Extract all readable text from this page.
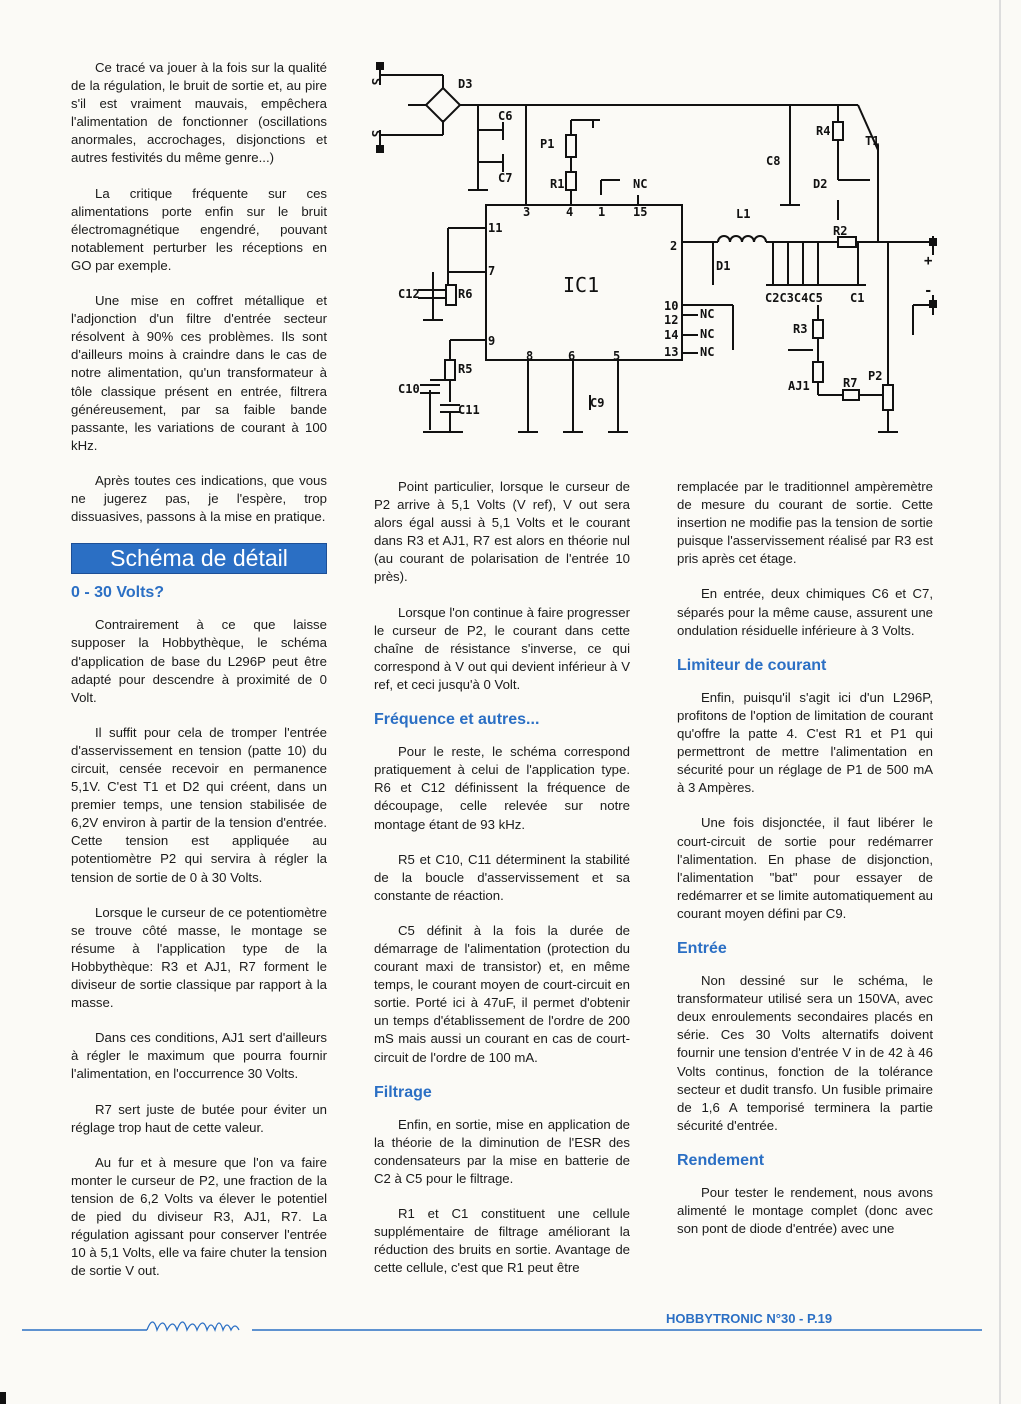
Ce tracé va jouer à la fois sur la qualité de la régulation, le bruit de sortie et, au pire s'il est vraiment mauvais, empêchera l'alimentation de fonctionner (oscillations anormales, accrochages, disjonctions et autres festivités du même genre...)

La critique fréquente sur ces alimentations porte enfin sur le bruit électromagnétique engendré, pouvant notablement perturber les réceptions en GO par exemple.

Une mise en coffret métallique et l'adjonction d'un filtre d'entrée secteur résolvent à 90% ces problèmes. Ils sont d'ailleurs moins à craindre dans le cas de notre alimentation, qu'un transformateur à tôle classique présent en entrée, filtrera généreusement, par sa faible bande passante, les variations de courant à 100 kHz.

Après toutes ces indications, que vous ne jugerez pas, je l'espère, trop dissuasives, passons à la mise en pratique.

Schéma de détail
0 - 30 Volts?

Contrairement à ce que laisse supposer la Hobbythèque, le schéma d'application de base du L296P peut être adapté pour descendre à proximité de 0 Volt.

Il suffit pour cela de tromper l'entrée d'asservissement en tension (patte 10) du circuit, censée recevoir en permanence 5,1V. C'est T1 et D2 qui créent, dans un premier temps, une tension stabilisée de 6,2V environ à partir de la tension d'entrée. Cette tension est appliquée au potentiomètre P2 qui servira à régler la tension de sortie de 0 à 30 Volts.

Lorsque le curseur de ce potentiomètre se trouve côté masse, le montage se résume à l'application type de la Hobbythèque: R3 et AJ1, R7 forment le diviseur de sortie classique par rapport à la masse.

Dans ces conditions, AJ1 sert d'ailleurs à régler le maximum que pourra fournir l'alimentation, en l'occurrence 30 Volts.

R7 sert juste de butée pour éviter un réglage trop haut de cette valeur.

Au fur et à mesure que l'on va faire monter le curseur de P2, une fraction de la tension de 6,2 Volts va élever le potentiel de pied du diviseur R3, AJ1, R7. La régulation agissant pour conserver l'entrée 10 à 5,1 Volts, elle va faire chuter la tension de sortie V out.

Point particulier, lorsque le curseur de P2 arrive à 5,1 Volts (V ref), V out sera alors égal aussi à 5,1 Volts et le courant dans R3 et AJ1, R7 est alors en théorie nul (au courant de polarisation de l'entrée 10 près).

Lorsque l'on continue à faire progresser le curseur de P2, le courant dans cette chaîne de résistance s'inverse, ce qui correspond à V out qui devient inférieur à V ref, et ceci jusqu'à 0 Volt.

Fréquence et autres...

Pour le reste, le schéma correspond pratiquement à celui de l'application type. R6 et C12 définissent la fréquence de découpage, celle relevée sur notre montage étant de 93 kHz.

R5 et C10, C11 déterminent la stabilité de la boucle d'asservissement et sa constante de réaction.

C5 définit à la fois la durée de démarrage de l'alimentation (protection du courant maxi de transistor) et, en même temps, le courant moyen de court-circuit en sortie. Porté ici à 47uF, il permet d'obtenir un temps d'établissement de l'ordre de 200 mS mais aussi un courant en cas de court-circuit de l'ordre de 100 mA.

Filtrage

Enfin, en sortie, mise en application de la théorie de la diminution de l'ESR des condensateurs par la mise en batterie de C2 à C5 pour le filtrage.

R1 et C1 constituent une cellule supplémentaire de filtrage améliorant la réduction des bruits en sortie. Avantage de cette cellule, c'est que R1 peut être

remplacée par le traditionnel ampèremètre de mesure du courant de sortie. Cette insertion ne modifie pas la tension de sortie puisque l'asservissement réalisé par R3 est pris après cet étage.

En entrée, deux chimiques C6 et C7, séparés pour la même cause, assurent une ondulation résiduelle inférieure à 3 Volts.

Limiteur de courant

Enfin, puisqu'il s'agit ici d'un L296P, profitons de l'option de limitation de courant qu'offre la patte 4. C'est R1 et P1 qui permettront de mettre l'alimentation en sécurité pour un réglage de P1 de 500 mA à 3 Ampères.

Une fois disjonctée, il faut libérer le court-circuit de sortie pour redémarrer l'alimentation. En phase de disjonction, l'alimentation "bat" pour essayer de redémarrer et se limite automatiquement au courant moyen défini par C9.

Entrée

Non dessiné sur le schéma, le transformateur utilisé sera un 150VA, avec deux enroulements secondaires placés en série. Ces 30 Volts alternatifs doivent fournir une tension d'entrée V in de 42 à 46 Volts continus, fonction de la tolérance secteur et dudit transfo. Un fusible primaire de 1,6 A temporisé terminera la partie sécurité d'entrée.

Rendement

Pour tester le rendement, nous avons alimenté le montage complet (donc avec son pont de diode d'entrée) avec une

IC1
D3
C6
C7
P1
R1	NC
R4
T1
C8
D2
L1
R2
D1
C2C3C4C5 C1
+
-
R3
AJ1	R7 P2
C12	R6
R5
C10
C11	C9
NC
NC
NC
S
S
3	4 1 15
11
2
7
10
12
14
13
9
8	6	5
HOBBYTRONIC N°30 - P.19
